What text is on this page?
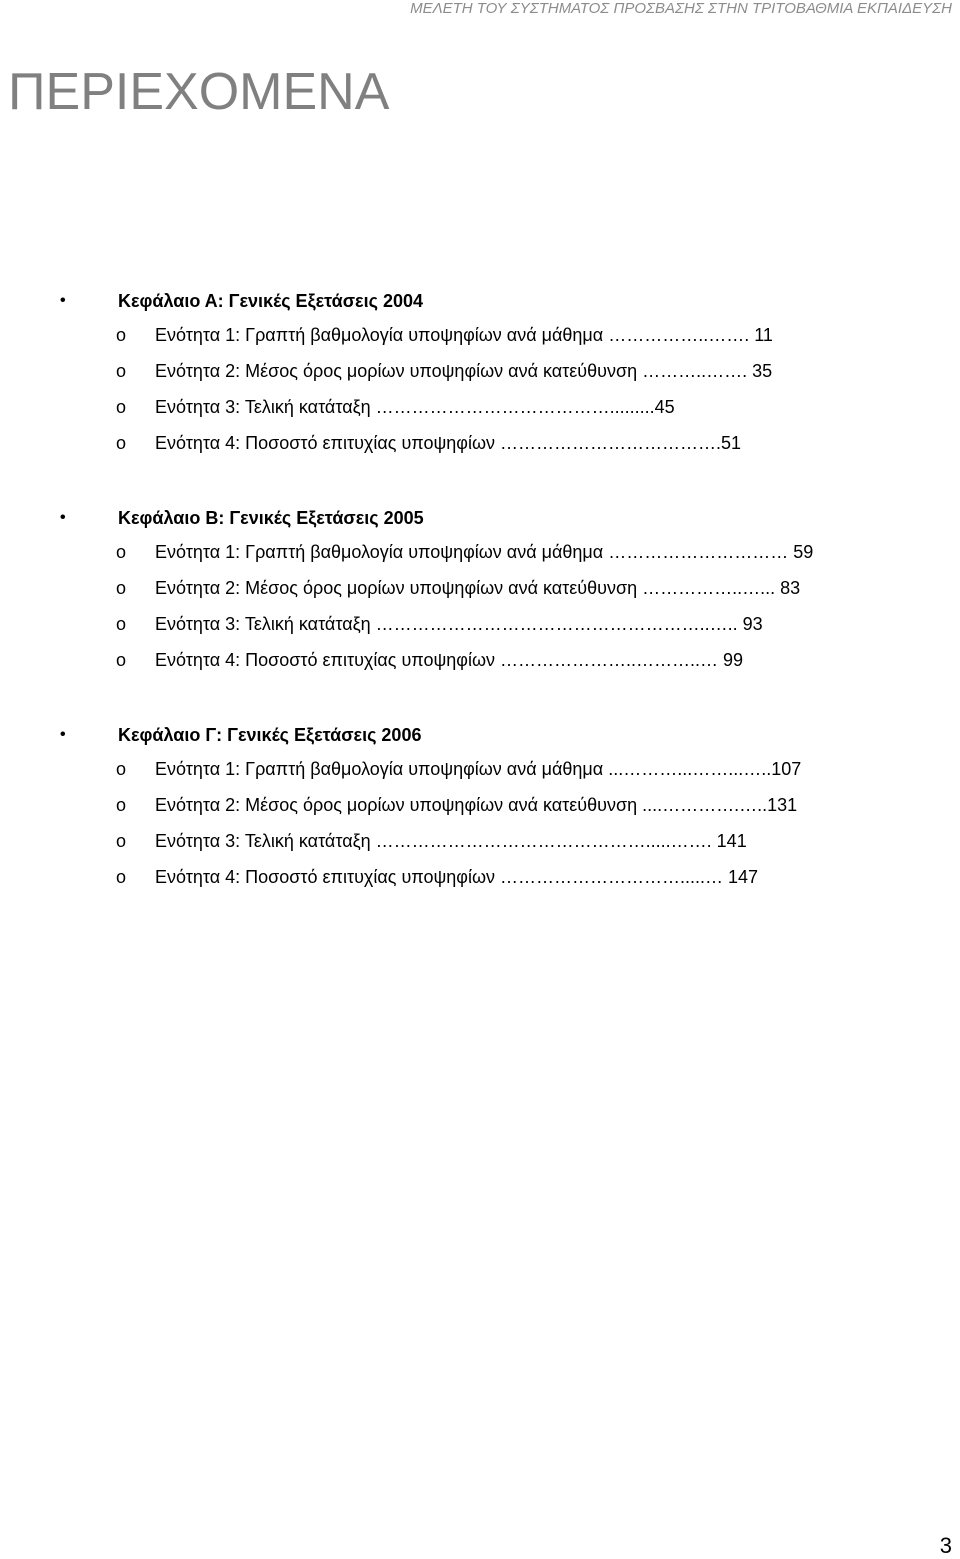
ΜΕΛΕΤΗ ΤΟΥ ΣΥΣΤΗΜΑΤΟΣ ΠΡΟΣΒΑΣΗΣ ΣΤΗΝ ΤΡΙΤΟΒΑΘΜΙΑ ΕΚΠΑΙΔΕΥΣΗ
ΠΕΡΙΕΧΟΜΕΝΑ
•	Κεφάλαιο Α: Γενικές Εξετάσεις 2004
o Ενότητα 1: Γραπτή βαθμολογία υποψηφίων ανά μάθημα ……………..……. 11
o Ενότητα 2: Μέσος όρος μορίων υποψηφίων ανά κατεύθυνση ………..……. 35
o Ενότητα 3: Τελική κατάταξη ………………………………….........45
o Ενότητα 4: Ποσοστό επιτυχίας υποψηφίων ……………………………….51
•	Κεφάλαιο Β: Γενικές Εξετάσεις 2005
o Ενότητα 1: Γραπτή βαθμολογία υποψηφίων ανά μάθημα ………………………… 59
o Ενότητα 2: Μέσος όρος μορίων υποψηφίων ανά κατεύθυνση ……………..…... 83
o Ενότητα 3: Τελική κατάταξη ………………………………………………..….. 93
o Ενότητα 4: Ποσοστό επιτυχίας υποψηφίων …………………..………..… 99
•	Κεφάλαιο Γ: Γενικές Εξετάσεις 2006
o Ενότητα 1: Γραπτή βαθμολογία υποψηφίων ανά μάθημα ...………...……...…..107
o Ενότητα 2: Μέσος όρος μορίων υποψηφίων ανά κατεύθυνση ....………….…..131
o Ενότητα 3: Τελική κατάταξη ……………………………………….....……. 141
o Ενότητα 4: Ποσοστό επιτυχίας υποψηφίων ………………………….....… 147
3
